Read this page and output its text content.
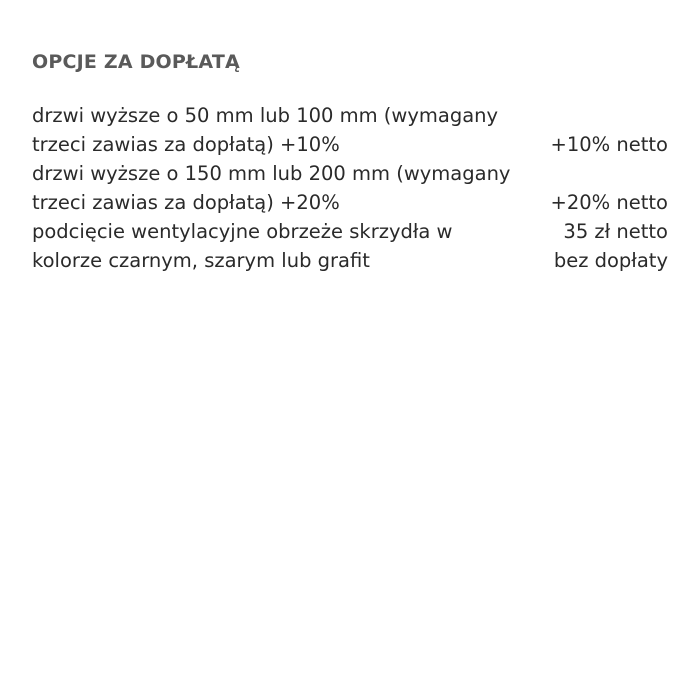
OPCJE ZA DOPŁATĄ
drzwi wyższe o 50 mm lub 100 mm (wymagany
trzeci zawias za dopłatą) +10%	+10% netto
drzwi wyższe o 150 mm lub 200 mm (wymagany
trzeci zawias za dopłatą) +20%	+20% netto
podcięcie wentylacyjne obrzeże skrzydła w	35 zł netto
kolorze czarnym, szarym lub grafit	bez dopłaty
